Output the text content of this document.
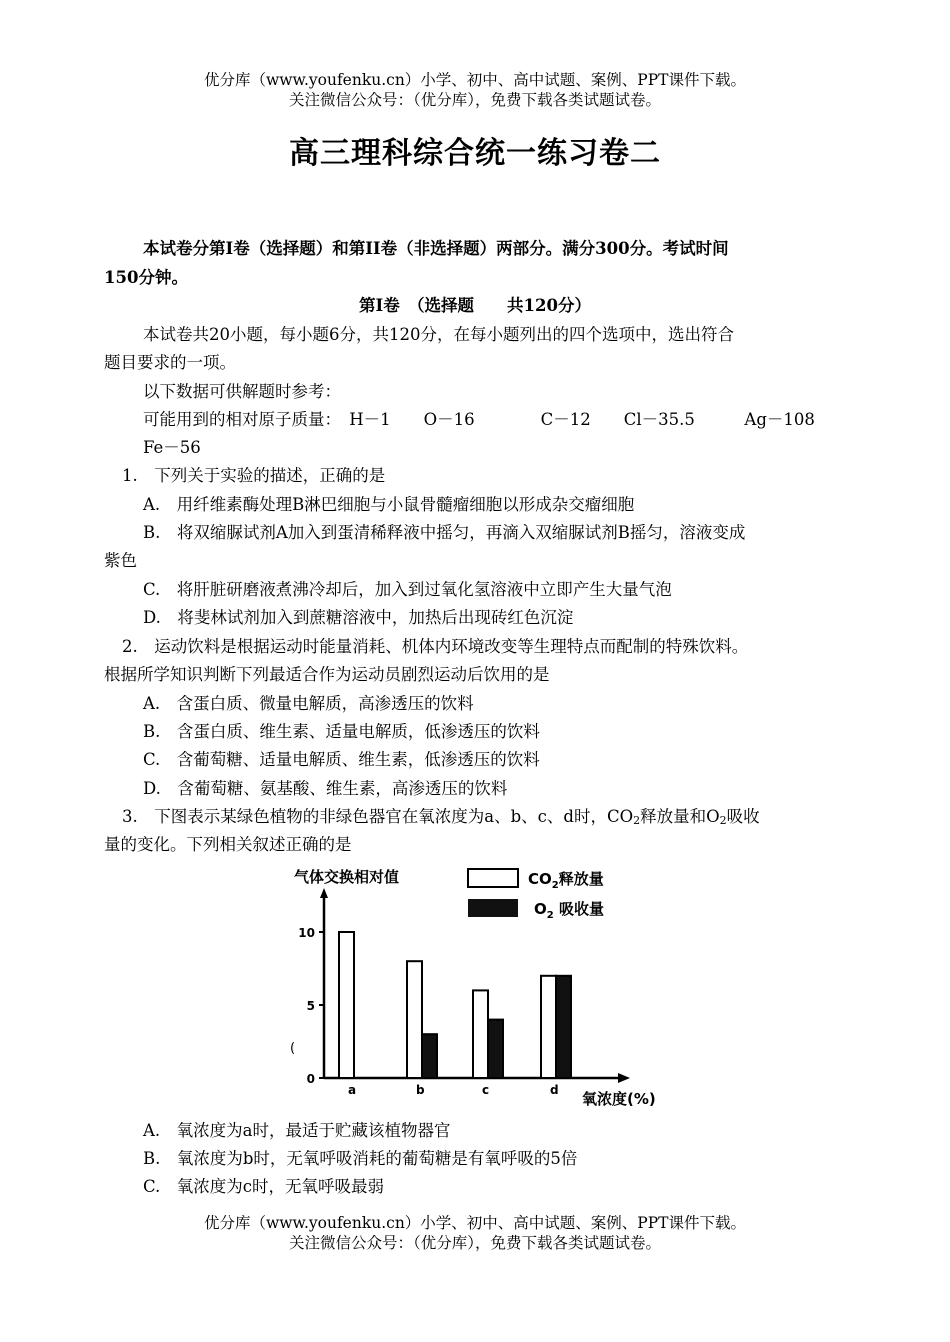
优分库（www.youfenku.cn）小学、初中、高中试题、案例、PPT课件下载。
关注微信公众号：（优分库），免费下载各类试题试卷。
高三理科综合统一练习卷二
本试卷分第Ⅰ卷（选择题）和第II卷（非选择题）两部分。满分300分。考试时间
150分钟。
第Ⅰ卷　（选择题　　共120分）
本试卷共20小题，每小题6分，共120分，在每小题列出的四个选项中，选出符合
题目要求的一项。
以下数据可供解题时参考：
可能用到的相对原子质量：　H－1　　O－16　　　　C－12　　Cl－35.5　　　Ag－108
Fe－56
1.　下列关于实验的描述，正确的是
A.　用纤维素酶处理B淋巴细胞与小鼠骨髓瘤细胞以形成杂交瘤细胞
B.　将双缩脲试剂A加入到蛋清稀释液中摇匀，再滴入双缩脲试剂B摇匀，溶液变成
紫色
C.　将肝脏研磨液煮沸冷却后，加入到过氧化氢溶液中立即产生大量气泡
D.　将斐林试剂加入到蔗糖溶液中，加热后出现砖红色沉淀
2.　运动饮料是根据运动时能量消耗、机体内环境改变等生理特点而配制的特殊饮料。
根据所学知识判断下列最适合作为运动员剧烈运动后饮用的是
A.　含蛋白质、微量电解质，高渗透压的饮料
B.　含蛋白质、维生素、适量电解质，低渗透压的饮料
C.　含葡萄糖、适量电解质、维生素，低渗透压的饮料
D.　含葡萄糖、氨基酸、维生素，高渗透压的饮料
3.　下图表示某绿色植物的非绿色器官在氧浓度为a、b、c、d时，$CO_2$释放量和$O_2$吸收
量的变化。下列相关叙述正确的是
气体交换相对值	$CO_2$释放量
$O_2$ 吸收量
氧浓度(%)
(
0
5
10
a	b	c	d
A.　氧浓度为a时，最适于贮藏该植物器官
B.　氧浓度为b时，无氧呼吸消耗的葡萄糖是有氧呼吸的5倍
C.　氧浓度为c时，无氧呼吸最弱
优分库（www.youfenku.cn）小学、初中、高中试题、案例、PPT课件下载。
关注微信公众号：（优分库），免费下载各类试题试卷。
